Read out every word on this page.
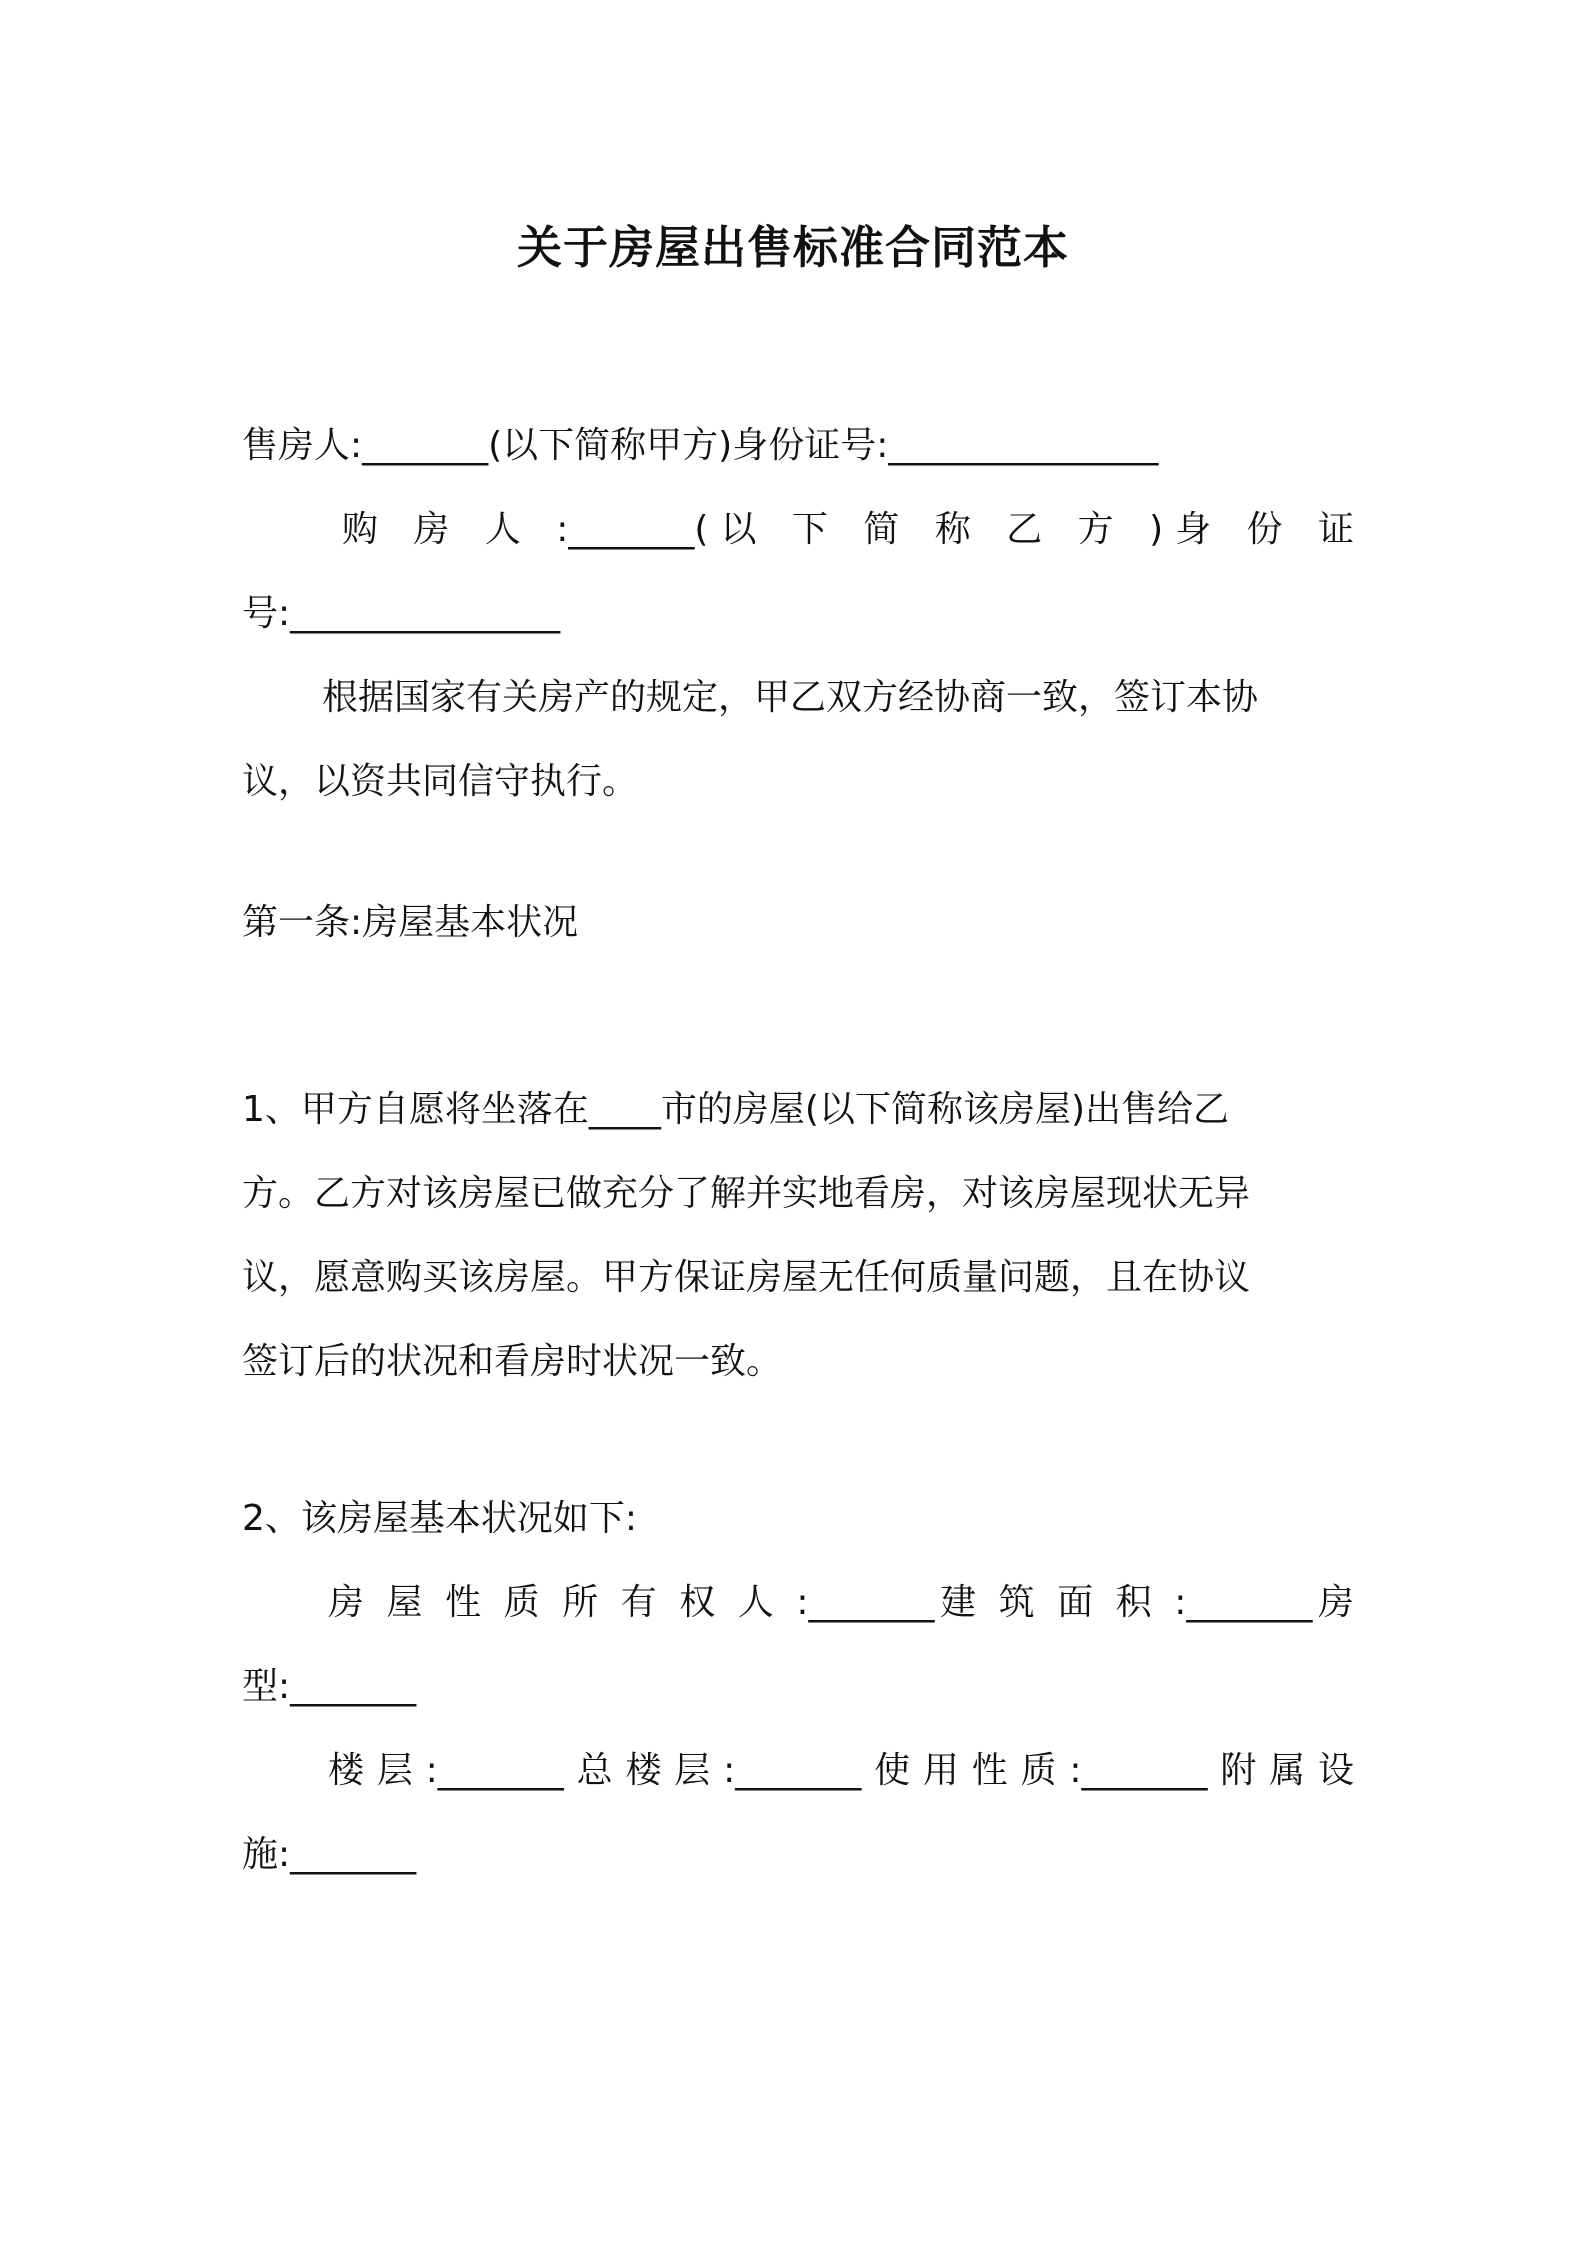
关于房屋出售标准合同范本
售房人:_______(以下简称甲方)身份证号:_______________
购 房 人 :_______(以 下 简 称 乙 方 )身 份 证
号:_______________
根据国家有关房产的规定，甲乙双方经协商一致，签订本协
议，以资共同信守执行。
第一条:房屋基本状况
1、甲方自愿将坐落在____市的房屋(以下简称该房屋)出售给乙
方。乙方对该房屋已做充分了解并实地看房，对该房屋现状无异
议，愿意购买该房屋。甲方保证房屋无任何质量问题，且在协议
签订后的状况和看房时状况一致。
2、该房屋基本状况如下:
房 屋 性 质 所 有 权 人 :_______建 筑 面 积 :_______房
型:_______
楼层:_______总楼层:_______使用性质:_______附属设
施:_______
